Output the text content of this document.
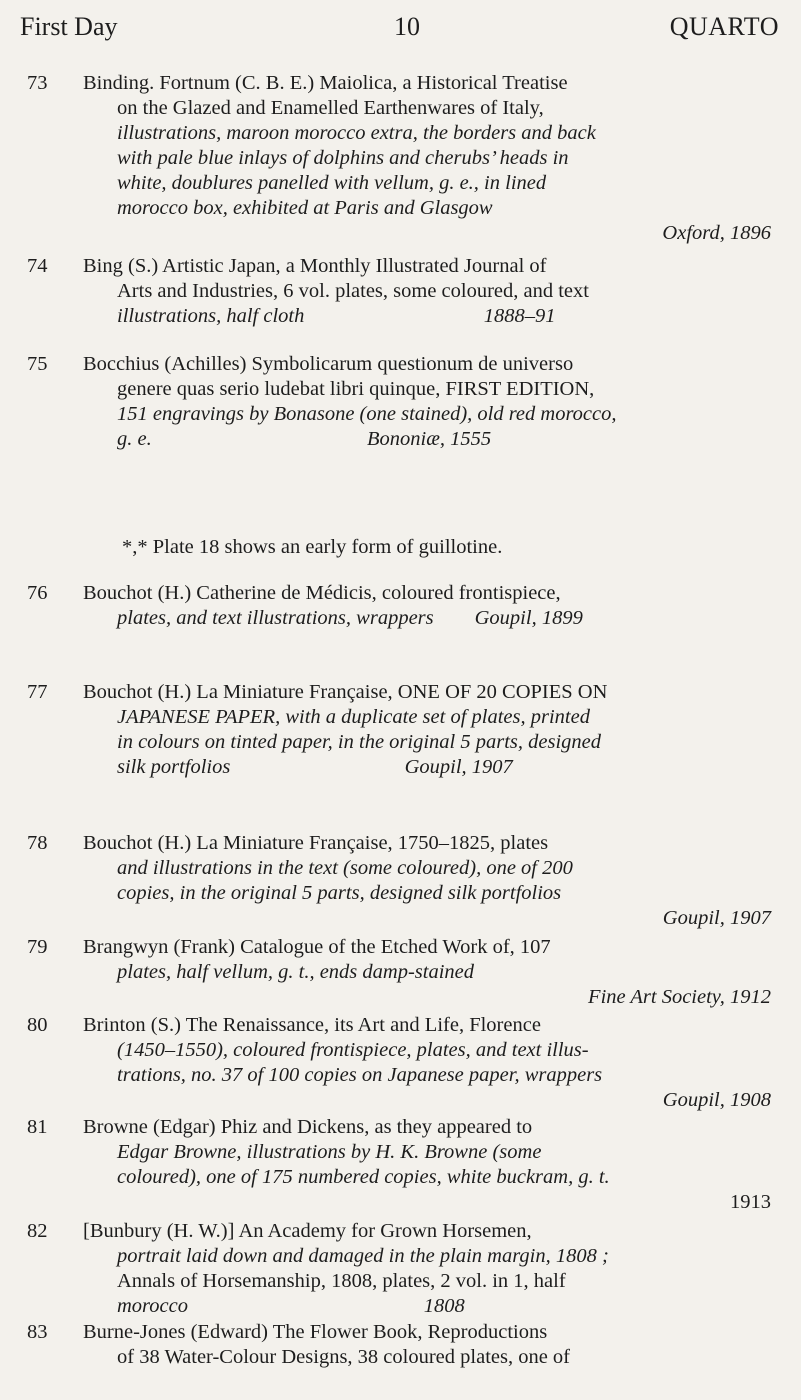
First Day	10	QUARTO
73 Binding. Fortnum (C. B. E.) Maiolica, a Historical Treatise

on the Glazed and Enamelled Earthenwares of Italy,

illustrations, maroon morocco extra, the borders and back

with pale blue inlays of dolphins and cherubs’ heads in

white, doublures panelled with vellum, g. e., in lined

morocco box, exhibited at Paris and Glasgow

Oxford, 1896

74 Bing (S.) Artistic Japan, a Monthly Illustrated Journal of

Arts and Industries, 6 vol. plates, some coloured, and text

illustrations, half cloth                                   1888–91

75 Bocchius (Achilles) Symbolicarum questionum de universo

genere quas serio ludebat libri quinque, FIRST EDITION,

151 engravings by Bonasone (one stained), old red morocco,

g. e.                                          Bononiæ, 1555

*,* Plate 18 shows an early form of guillotine.
76 Bouchot (H.) Catherine de Médicis, coloured frontispiece,

plates, and text illustrations, wrappers        Goupil, 1899

77 Bouchot (H.) La Miniature Française, ONE OF 20 COPIES ON

JAPANESE PAPER, with a duplicate set of plates, printed

in colours on tinted paper, in the original 5 parts, designed

silk portfolios                                  Goupil, 1907

78 Bouchot (H.) La Miniature Française, 1750–1825, plates

and illustrations in the text (some coloured), one of 200

copies, in the original 5 parts, designed silk portfolios

Goupil, 1907

79 Brangwyn (Frank) Catalogue of the Etched Work of, 107

plates, half vellum, g. t., ends damp-stained

Fine Art Society, 1912

80 Brinton (S.) The Renaissance, its Art and Life, Florence

(1450–1550), coloured frontispiece, plates, and text illus-

trations, no. 37 of 100 copies on Japanese paper, wrappers

Goupil, 1908

81 Browne (Edgar) Phiz and Dickens, as they appeared to

Edgar Browne, illustrations by H. K. Browne (some

coloured), one of 175 numbered copies, white buckram, g. t.

1913

82 [Bunbury (H. W.)] An Academy for Grown Horsemen,

portrait laid down and damaged in the plain margin, 1808 ;

Annals of Horsemanship, 1808, plates, 2 vol. in 1, half

morocco                                              1808

83 Burne-Jones (Edward) The Flower Book, Reproductions

of 38 Water-Colour Designs, 38 coloured plates, one of
